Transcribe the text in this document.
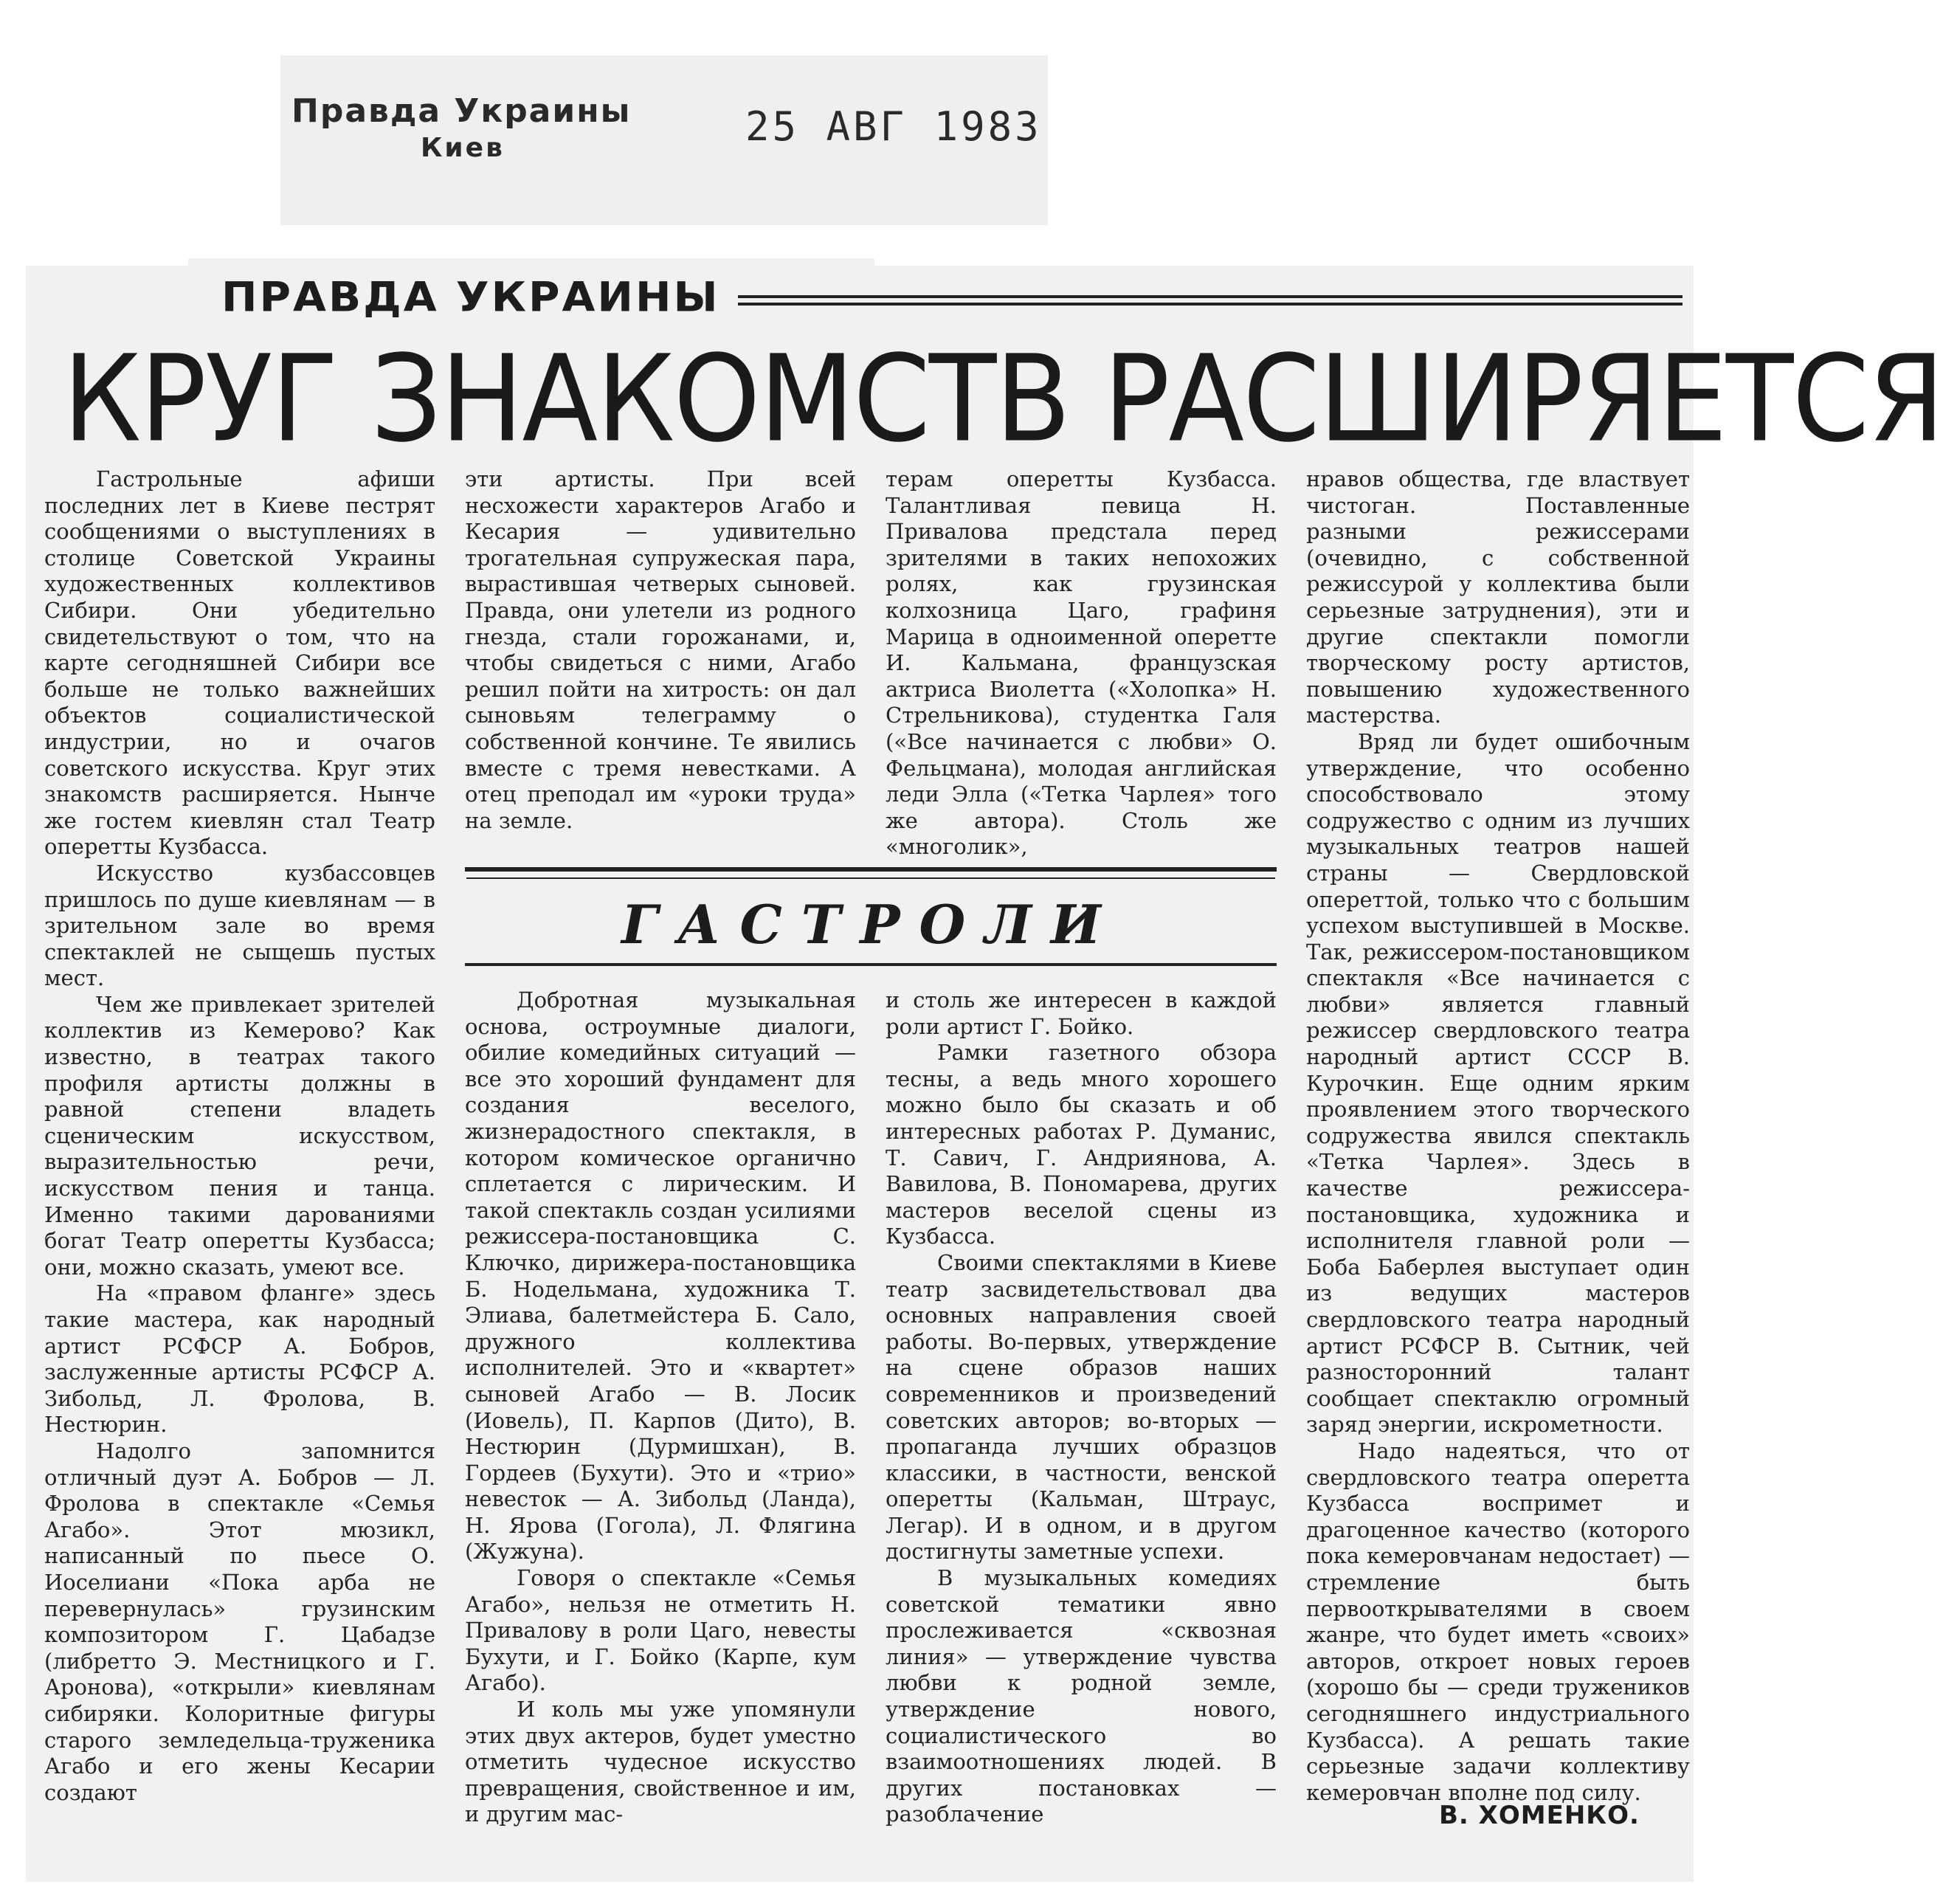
Правда Украины
Киев	25 АВГ 1983
ПРАВДА УКРАИНЫ
КРУГ ЗНАКОМСТВ РАСШИРЯЕТСЯ

Гастрольные афиши последних лет в Киеве пестрят сообщениями о выступлениях в столице Советской Украины художественных коллективов Сибири. Они убедительно свидетельствуют о том, что на карте сегодняшней Сибири все больше не только важнейших объектов социалистической индустрии, но и очагов советского искусства. Круг этих знакомств расширяется. Нынче же гостем киевлян стал Театр оперетты Кузбасса.

Искусство кузбассовцев пришлось по душе киевлянам — в зрительном зале во время спектаклей не сыщешь пустых мест.

Чем же привлекает зрителей коллектив из Кемерово? Как известно, в театрах такого профиля артисты должны в равной степени владеть сценическим искусством, выразительностью речи, искусством пения и танца. Именно такими дарованиями богат Театр оперетты Кузбасса; они, можно сказать, умеют все.

На «правом фланге» здесь такие мастера, как народный артист РСФСР А. Бобров, заслуженные артисты РСФСР А. Зибольд, Л. Фролова, В. Нестюрин.

Надолго запомнится отличный дуэт А. Бобров — Л. Фролова в спектакле «Семья Агабо». Этот мюзикл, написанный по пьесе О. Иоселиани «Пока арба не перевернулась» грузинским композитором Г. Цабадзе (либретто Э. Местницкого и Г. Аронова), «открыли» киевлянам сибиряки. Колоритные фигуры старого земледельца-труженика Агабо и его жены Кесарии создают

эти артисты. При всей несхожести характеров Агабо и Кесария — удивительно трогательная супружеская пара, вырастившая четверых сыновей. Правда, они улетели из родного гнезда, стали горожанами, и, чтобы свидеться с ними, Агабо решил пойти на хитрость: он дал сыновьям телеграмму о собственной кончине. Те явились вместе с тремя невестками. А отец преподал им «уроки труда» на земле.

терам оперетты Кузбасса. Талантливая певица Н. Привалова предстала перед зрителями в таких непохожих ролях, как грузинская колхозница Цаго, графиня Марица в одноименной оперетте И. Кальмана, французская актриса Виолетта («Холопка» Н. Стрельникова), студентка Галя («Все начинается с любви» О. Фельцмана), молодая английская леди Элла («Тетка Чарлея» того же автора). Столь же «многолик»,

ГАСТРОЛИ

Добротная музыкальная основа, остроумные диалоги, обилие комедийных ситуаций — все это хороший фундамент для создания веселого, жизнерадостного спектакля, в котором комическое органично сплетается с лирическим. И такой спектакль создан усилиями режиссера-постановщика С. Ключко, дирижера-постановщика Б. Нодельмана, художника Т. Элиава, балетмейстера Б. Сало, дружного коллектива исполнителей. Это и «квартет» сыновей Агабо — В. Лосик (Иовель), П. Карпов (Дито), В. Нестюрин (Дурмишхан), В. Гордеев (Бухути). Это и «трио» невесток — А. Зибольд (Ланда), Н. Ярова (Гогола), Л. Флягина (Жужуна).

Говоря о спектакле «Семья Агабо», нельзя не отметить Н. Привалову в роли Цаго, невесты Бухути, и Г. Бойко (Карпе, кум Агабо).

И коль мы уже упомянули этих двух актеров, будет уместно отметить чудесное искусство превращения, свойственное и им, и другим мас-

и столь же интересен в каждой роли артист Г. Бойко.

Рамки газетного обзора тесны, а ведь много хорошего можно было бы сказать и об интересных работах Р. Думанис, Т. Савич, Г. Андриянова, А. Вавилова, В. Пономарева, других мастеров веселой сцены из Кузбасса.

Своими спектаклями в Киеве театр засвидетельствовал два основных направления своей работы. Во-первых, утверждение на сцене образов наших современников и произведений советских авторов; во-вторых — пропаганда лучших образцов классики, в частности, венской оперетты (Кальман, Штраус, Легар). И в одном, и в другом достигнуты заметные успехи.

В музыкальных комедиях советской тематики явно прослеживается «сквозная линия» — утверждение чувства любви к родной земле, утверждение нового, социалистического во взаимоотношениях людей. В других постановках — разоблачение

нравов общества, где властвует чистоган. Поставленные разными режиссерами (очевидно, с собственной режиссурой у коллектива были серьезные затруднения), эти и другие спектакли помогли творческому росту артистов, повышению художественного мастерства.

Вряд ли будет ошибочным утверждение, что особенно способствовало этому содружество с одним из лучших музыкальных театров нашей страны — Свердловской опереттой, только что с большим успехом выступившей в Москве. Так, режиссером-постановщиком спектакля «Все начинается с любви» является главный режиссер свердловского театра народный артист СССР В. Курочкин. Еще одним ярким проявлением этого творческого содружества явился спектакль «Тетка Чарлея». Здесь в качестве режиссера-постановщика, художника и исполнителя главной роли — Бобa Баберлея выступает один из ведущих мастеров свердловского театра народный артист РСФСР В. Сытник, чей разносторонний талант сообщает спектаклю огромный заряд энергии, искрометности.

Надо надеяться, что от свердловского театра оперетта Кузбасса воспримет и драгоценное качество (которого пока кемеровчанам недостает) — стремление быть первооткрывателями в своем жанре, что будет иметь «своих» авторов, откроет новых героев (хорошо бы — среди тружеников сегодняшнего индустриального Кузбасса). А решать такие серьезные задачи коллективу кемеровчан вполне под силу.

В. ХОМЕНКО.
